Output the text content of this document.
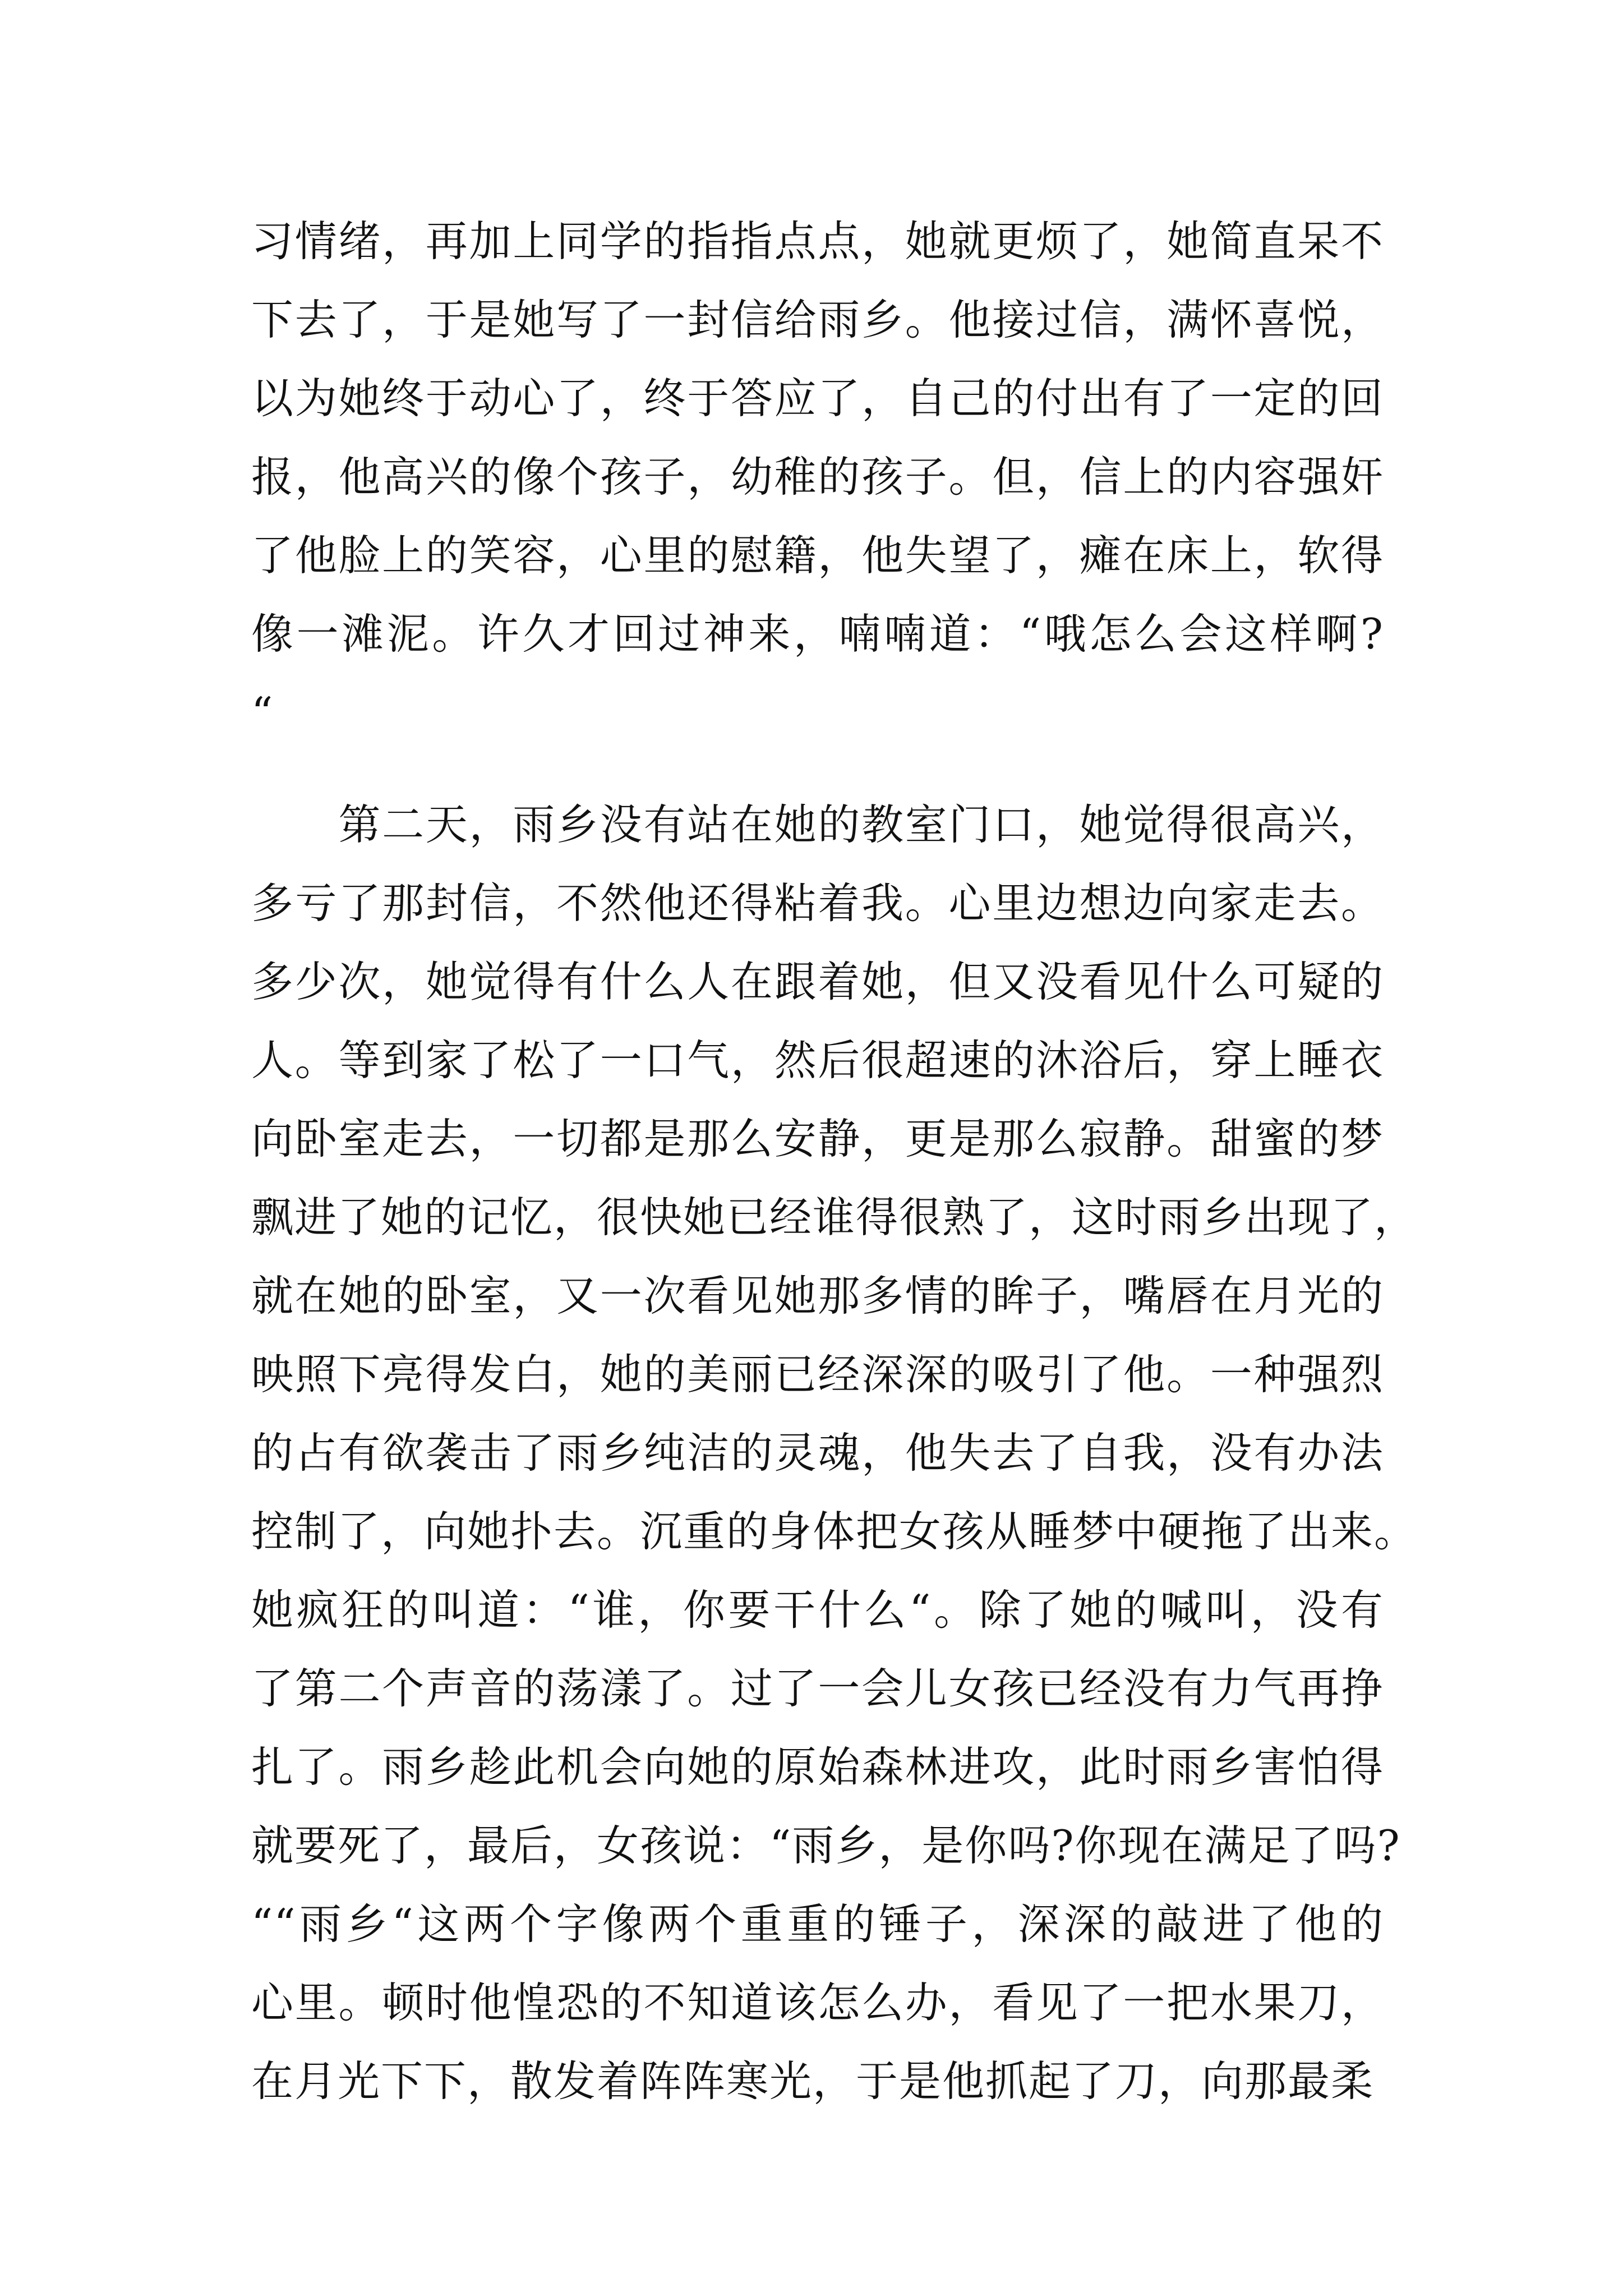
习情绪，再加上同学的指指点点，她就更烦了，她简直呆不
下去了，于是她写了一封信给雨乡。他接过信，满怀喜悦，
以为她终于动心了，终于答应了，自己的付出有了一定的回
报，他高兴的像个孩子，幼稚的孩子。但，信上的内容强奸
了他脸上的笑容，心里的慰籍，他失望了，瘫在床上，软得
像一滩泥。许久才回过神来，喃喃道：“哦怎么会这样啊?
“
　　第二天，雨乡没有站在她的教室门口，她觉得很高兴，
多亏了那封信，不然他还得粘着我。心里边想边向家走去。
多少次，她觉得有什么人在跟着她，但又没看见什么可疑的
人。等到家了松了一口气，然后很超速的沐浴后，穿上睡衣
向卧室走去，一切都是那么安静，更是那么寂静。甜蜜的梦
飘进了她的记忆，很快她已经谁得很熟了，这时雨乡出现了，
就在她的卧室，又一次看见她那多情的眸子，嘴唇在月光的
映照下亮得发白，她的美丽已经深深的吸引了他。一种强烈
的占有欲袭击了雨乡纯洁的灵魂，他失去了自我，没有办法
控制了，向她扑去。沉重的身体把女孩从睡梦中硬拖了出来。
她疯狂的叫道：“谁，你要干什么“。除了她的喊叫，没有
了第二个声音的荡漾了。过了一会儿女孩已经没有力气再挣
扎了。雨乡趁此机会向她的原始森林进攻，此时雨乡害怕得
就要死了，最后，女孩说：“雨乡，是你吗?你现在满足了吗?
““雨乡“这两个字像两个重重的锤子，深深的敲进了他的
心里。顿时他惶恐的不知道该怎么办，看见了一把水果刀，
在月光下下，散发着阵阵寒光，于是他抓起了刀，向那最柔
